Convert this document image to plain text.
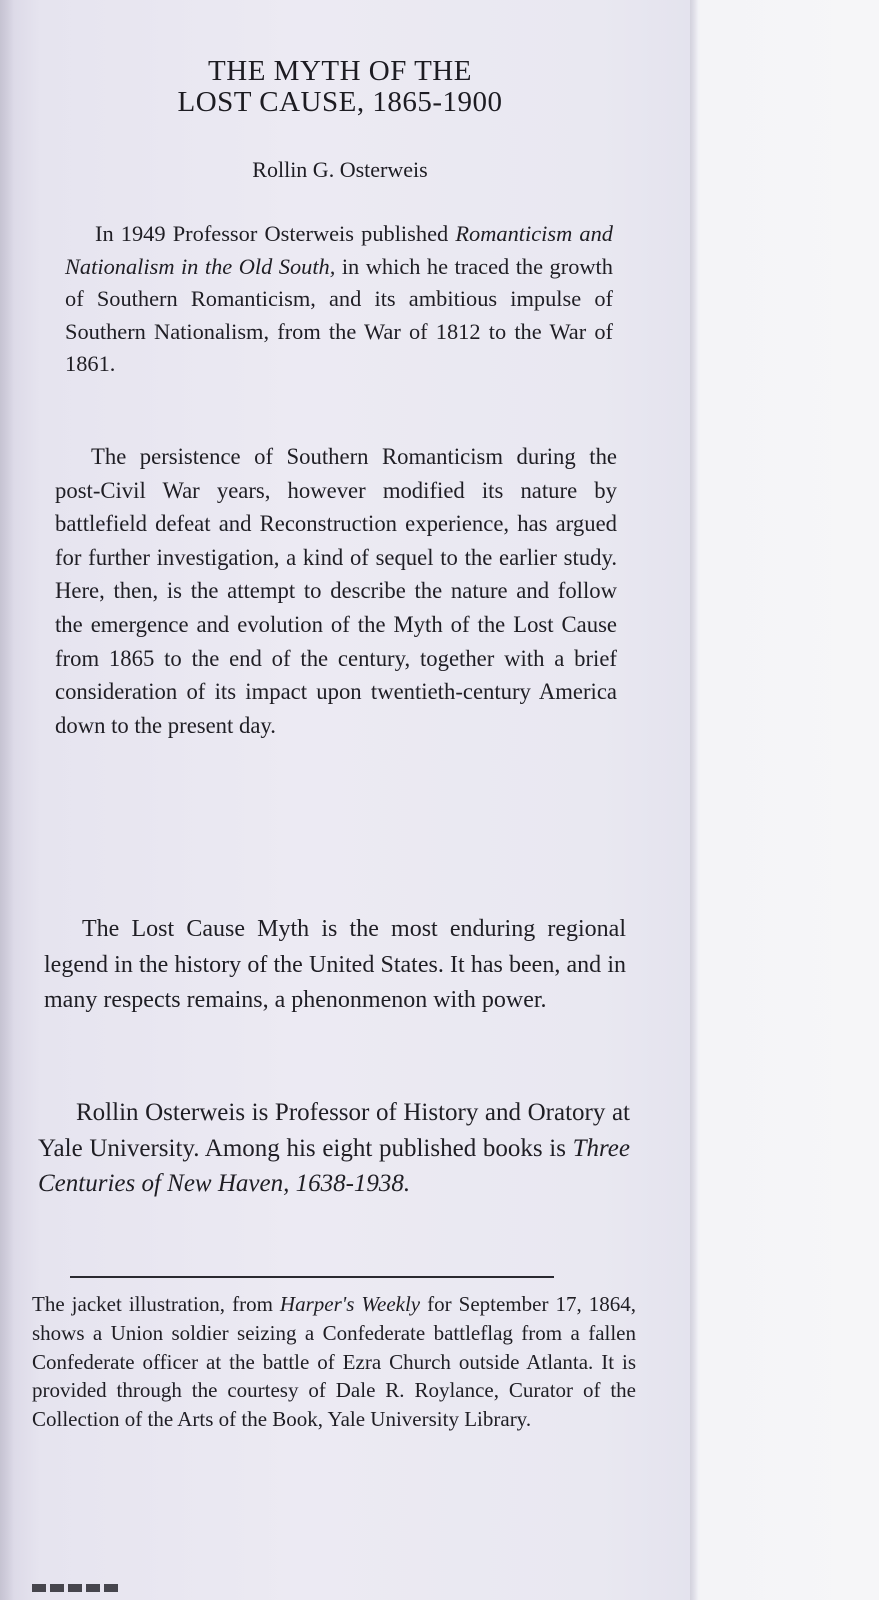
THE MYTH OF THE
LOST CAUSE, 1865-1900
Rollin G. Osterweis

In 1949 Professor Osterweis published Romanticism and Nationalism in the Old South, in which he traced the growth of Southern Romanticism, and its ambitious impulse of Southern Nationalism, from the War of 1812 to the War of 1861.

The persistence of Southern Romanticism during the post-Civil War years, however modified its nature by battlefield defeat and Reconstruction experience, has argued for further investigation, a kind of sequel to the earlier study. Here, then, is the attempt to describe the nature and follow the emergence and evolution of the Myth of the Lost Cause from 1865 to the end of the century, together with a brief consideration of its impact upon twentieth-century America down to the present day.

The Lost Cause Myth is the most enduring regional legend in the history of the United States. It has been, and in many respects remains, a phenonmenon with power.

Rollin Osterweis is Professor of History and Oratory at Yale University. Among his eight published books is Three Centuries of New Haven, 1638-1938.

The jacket illustration, from Harper's Weekly for September 17, 1864, shows a Union soldier seizing a Confederate battleflag from a fallen Confederate officer at the battle of Ezra Church outside Atlanta. It is provided through the courtesy of Dale R. Roylance, Curator of the Collection of the Arts of the Book, Yale University Library.
